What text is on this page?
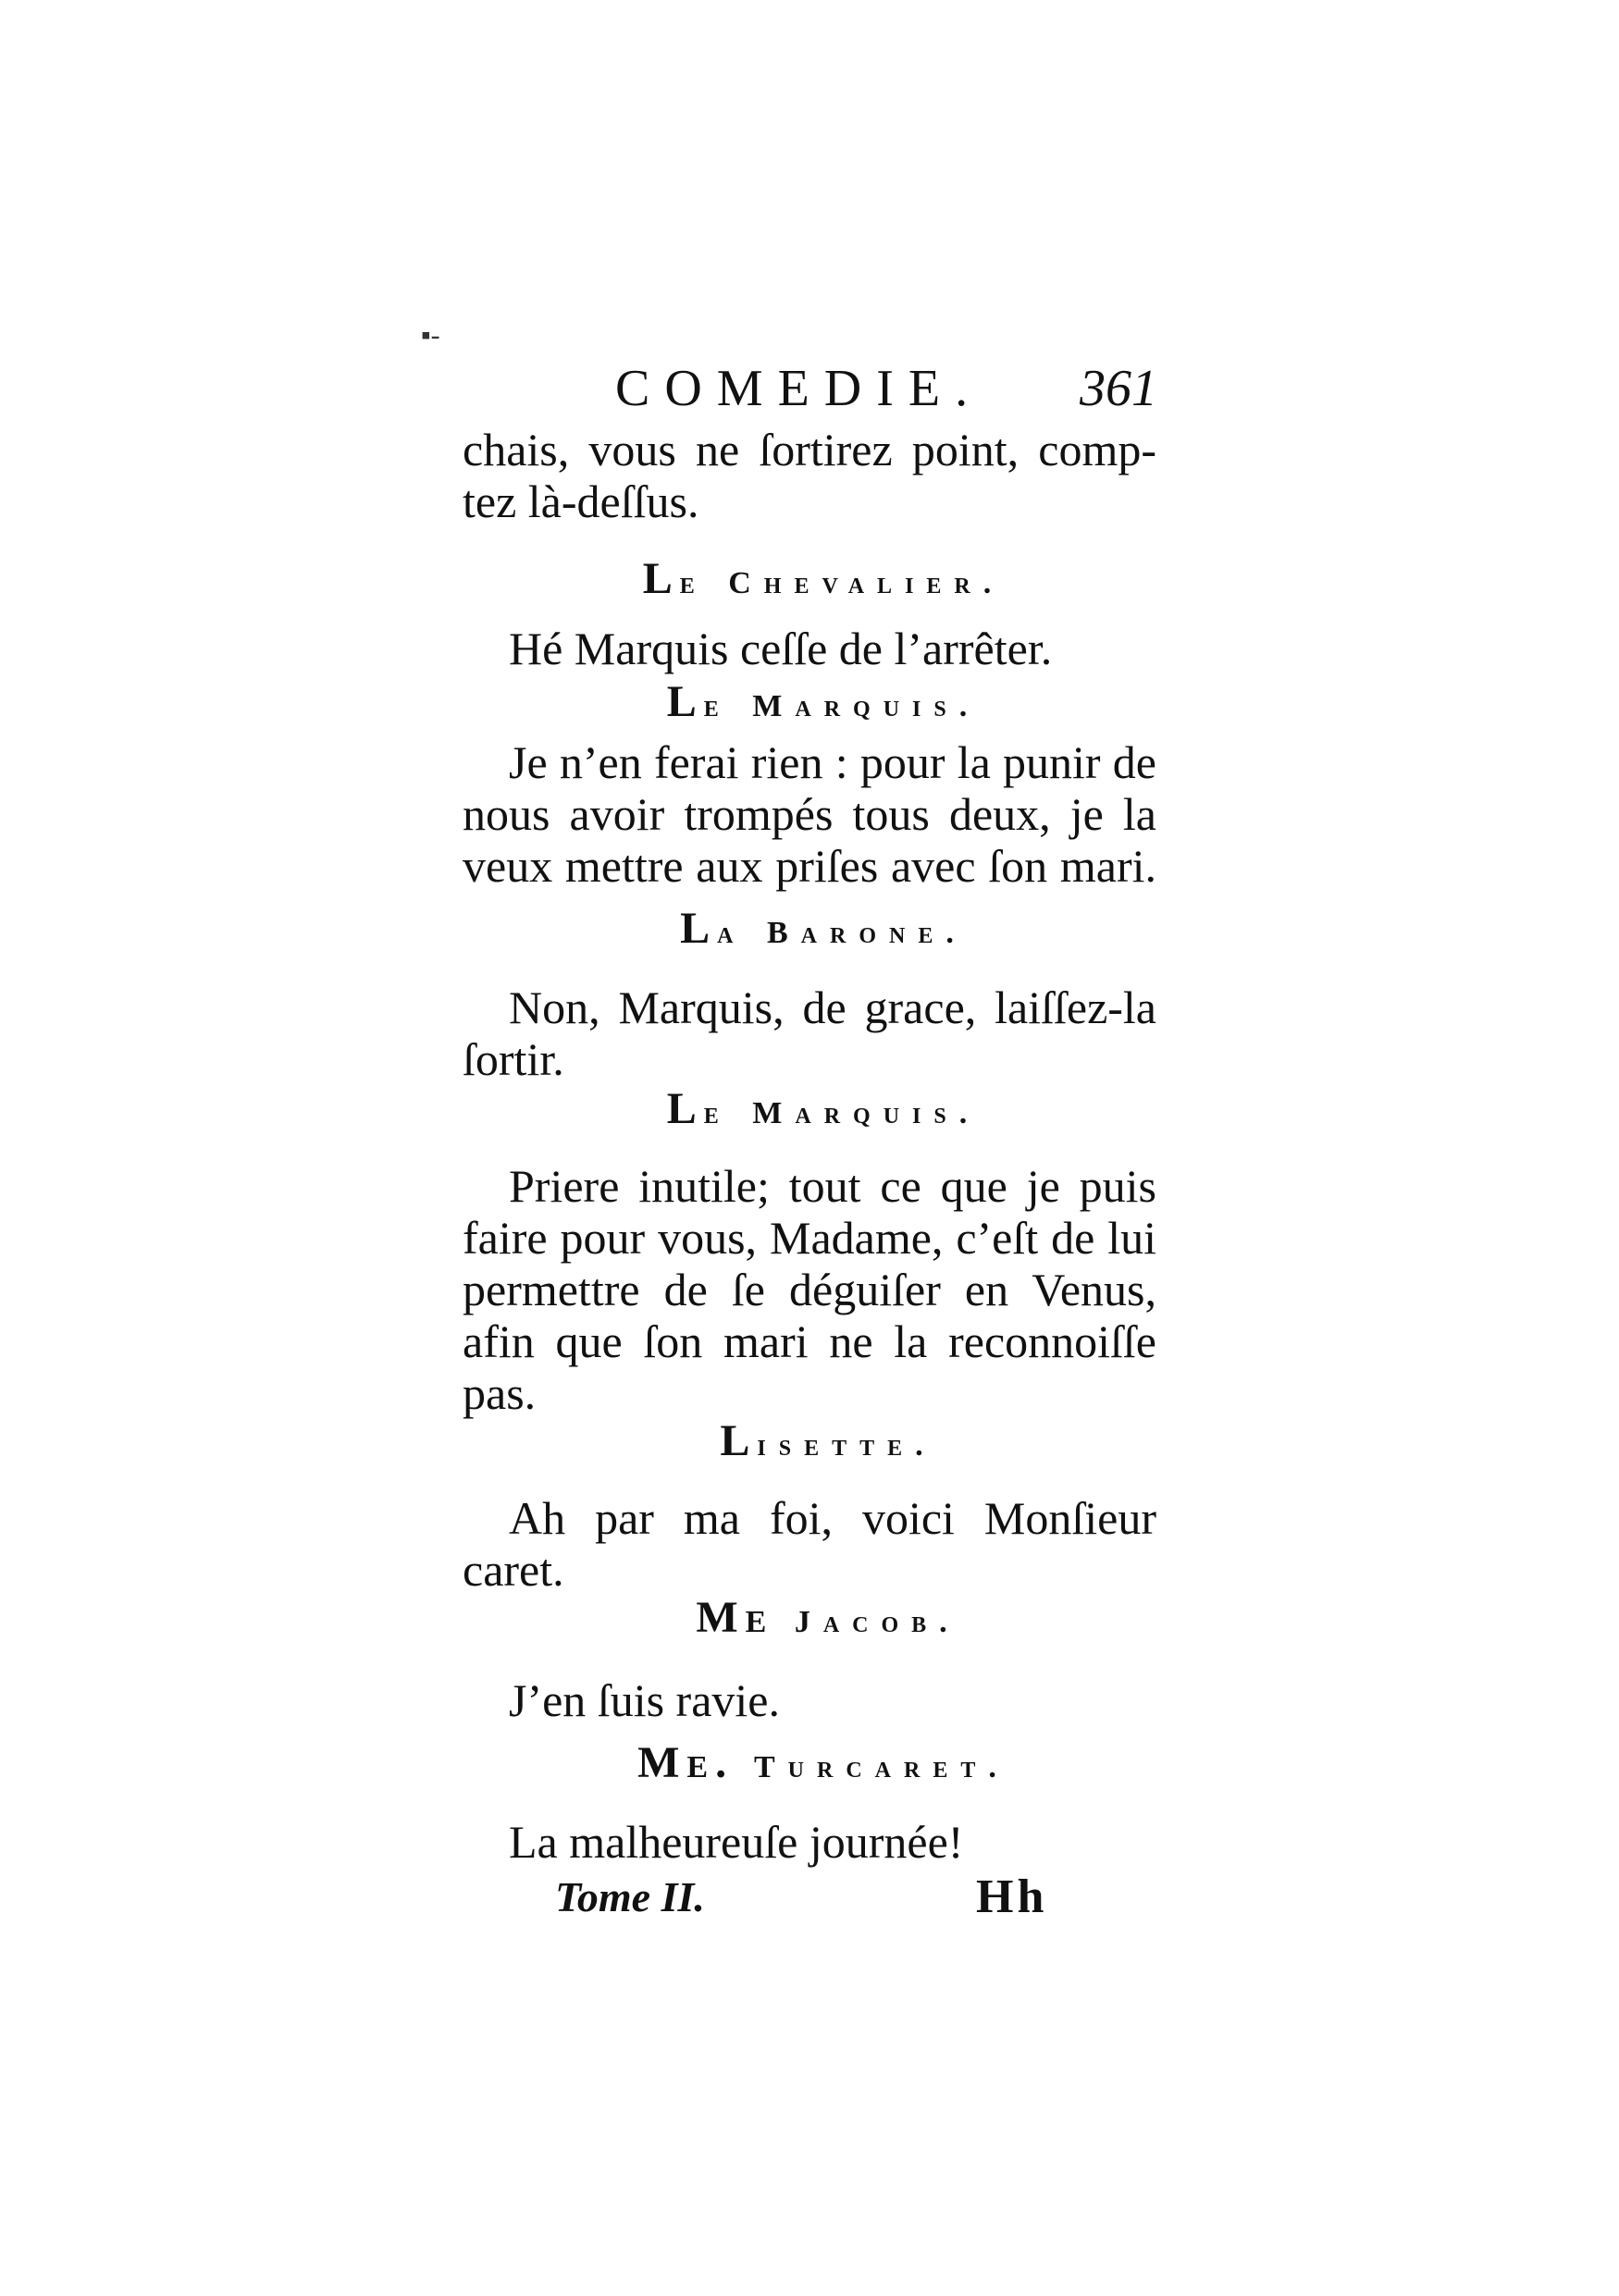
▪-
COMEDIE. 361
chais, vous ne ſortirez point, comp-
tez là-deſſus.
Le Chevalier.
Hé Marquis ceſſe de l’arrêter.
Le Marquis.
Je n’en ferai rien : pour la punir de
nous avoir trompés tous deux, je la
veux mettre aux priſes avec ſon mari.
La Barone.
Non, Marquis, de grace, laiſſez-la
ſortir.
Le Marquis.
Priere inutile; tout ce que je puis
faire pour vous, Madame, c’eſt de lui
permettre de ſe déguiſer en Venus,
afin que ſon mari ne la reconnoiſſe
pas.
Lisette.
Ah par ma foi, voici Monſieur
caret.
Me Jacob.
J’en ſuis ravie.
Me. Turcaret.
La malheureuſe journée!
Tome II.	Hh
